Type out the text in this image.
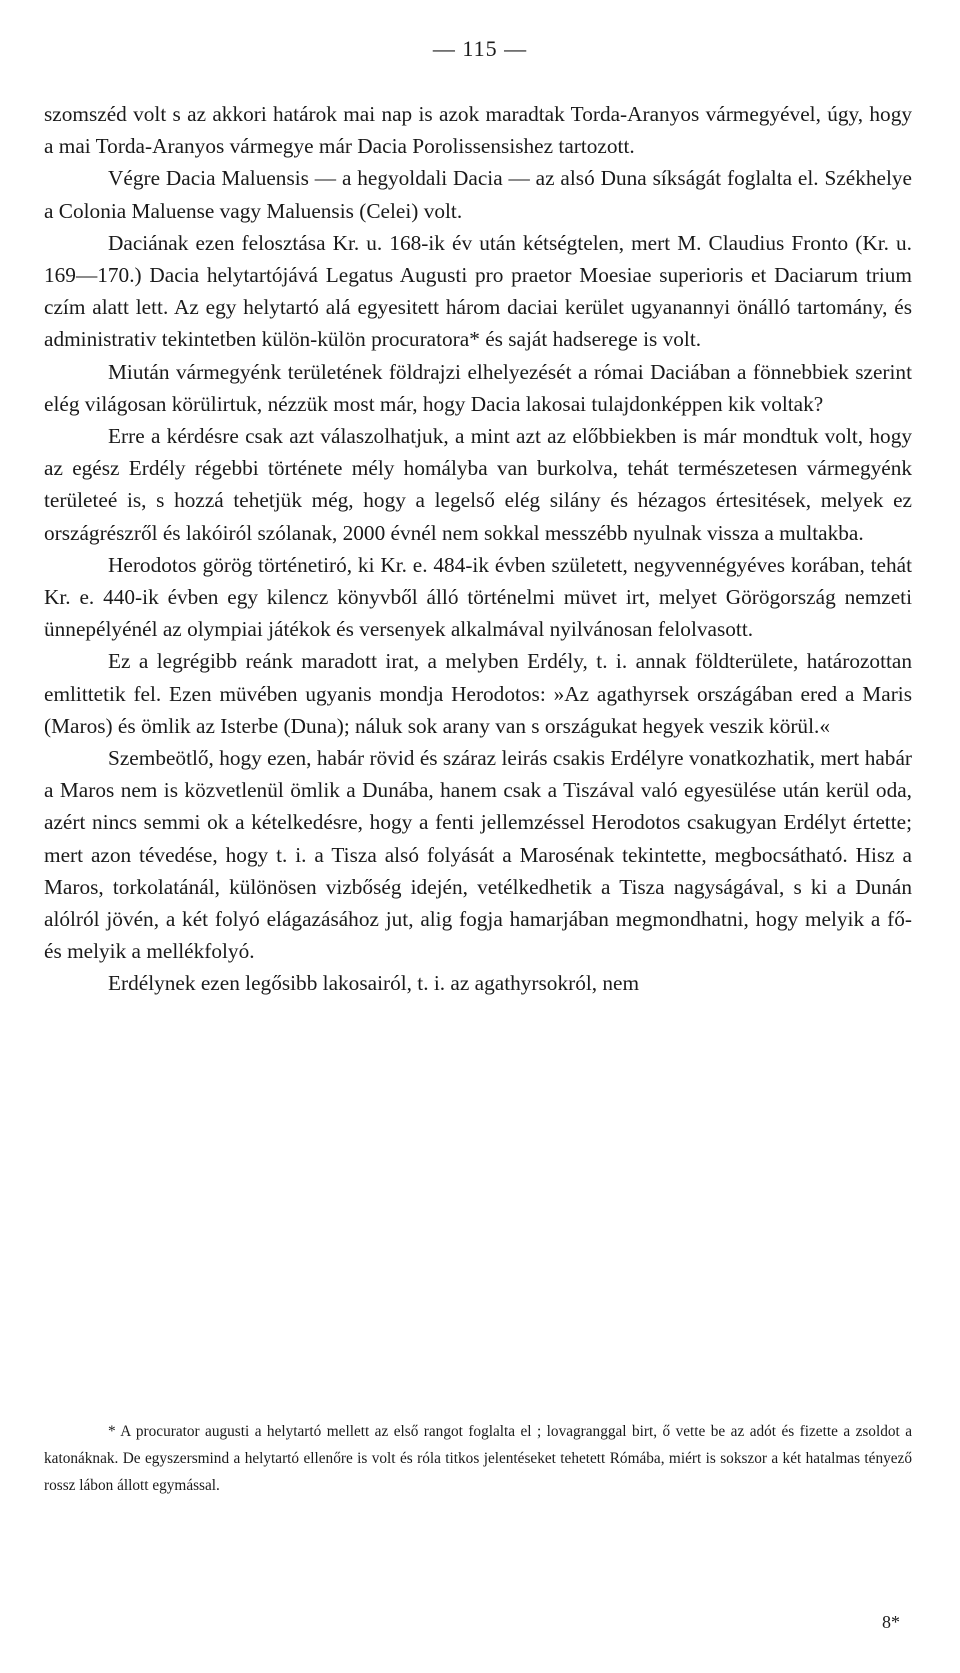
— 115 —

szomszéd volt s az akkori határok mai nap is azok maradtak Torda-Aranyos vármegyével, úgy, hogy a mai Torda-Aranyos vármegye már Dacia Porolissensishez tartozott.

Végre Dacia Maluensis — a hegyoldali Dacia — az alsó Duna síkságát foglalta el. Székhelye a Colonia Maluense vagy Maluensis (Celei) volt.

Daciának ezen felosztása Kr. u. 168-ik év után kétségtelen, mert M. Claudius Fronto (Kr. u. 169—170.) Dacia helytartójává Legatus Augusti pro praetor Moesiae superioris et Daciarum trium czím alatt lett. Az egy helytartó alá egyesitett három daciai kerület ugyanannyi önálló tartomány, és administrativ tekintetben külön-külön procuratora* és saját hadserege is volt.

Miután vármegyénk területének földrajzi elhelyezését a római Daciában a fönnebbiek szerint elég világosan körülirtuk, nézzük most már, hogy Dacia lakosai tulajdonképpen kik voltak?

Erre a kérdésre csak azt válaszolhatjuk, a mint azt az előbbiekben is már mondtuk volt, hogy az egész Erdély régebbi története mély homályba van burkolva, tehát természetesen vármegyénk területeé is, s hozzá tehetjük még, hogy a legelső elég silány és hézagos értesitések, melyek ez országrészről és lakóiról szólanak, 2000 évnél nem sokkal messzébb nyulnak vissza a multakba.

Herodotos görög történetiró, ki Kr. e. 484-ik évben született, negyvennégyéves korában, tehát Kr. e. 440-ik évben egy kilencz könyvből álló történelmi müvet irt, melyet Görögország nemzeti ünnepélyénél az olympiai játékok és versenyek alkalmával nyilvánosan felolvasott.

Ez a legrégibb reánk maradott irat, a melyben Erdély, t. i. annak földterülete, határozottan emlittetik fel. Ezen müvében ugyanis mondja Herodotos: »Az agathyrsek országában ered a Maris (Maros) és ömlik az Isterbe (Duna); náluk sok arany van s országukat hegyek veszik körül.«

Szembeötlő, hogy ezen, habár rövid és száraz leirás csakis Erdélyre vonatkozhatik, mert habár a Maros nem is közvetlenül ömlik a Dunába, hanem csak a Tiszával való egyesülése után kerül oda, azért nincs semmi ok a kételkedésre, hogy a fenti jellemzéssel Herodotos csakugyan Erdélyt értette; mert azon tévedése, hogy t. i. a Tisza alsó folyását a Marosénak tekintette, megbocsátható. Hisz a Maros, torkolatánál, különösen vizbőség idején, vetélkedhetik a Tisza nagyságával, s ki a Dunán alólról jövén, a két folyó elágazásához jut, alig fogja hamarjában megmondhatni, hogy melyik a fő- és melyik a mellékfolyó.

Erdélynek ezen legősibb lakosairól, t. i. az agathyrsokról, nem

* A procurator augusti a helytartó mellett az első rangot foglalta el ; lovagranggal birt, ő vette be az adót és fizette a zsoldot a katonáknak. De egyszersmind a helytartó ellenőre is volt és róla titkos jelentéseket tehetett Rómába, miért is sokszor a két hatalmas tényező rossz lábon állott egymással.

8*
